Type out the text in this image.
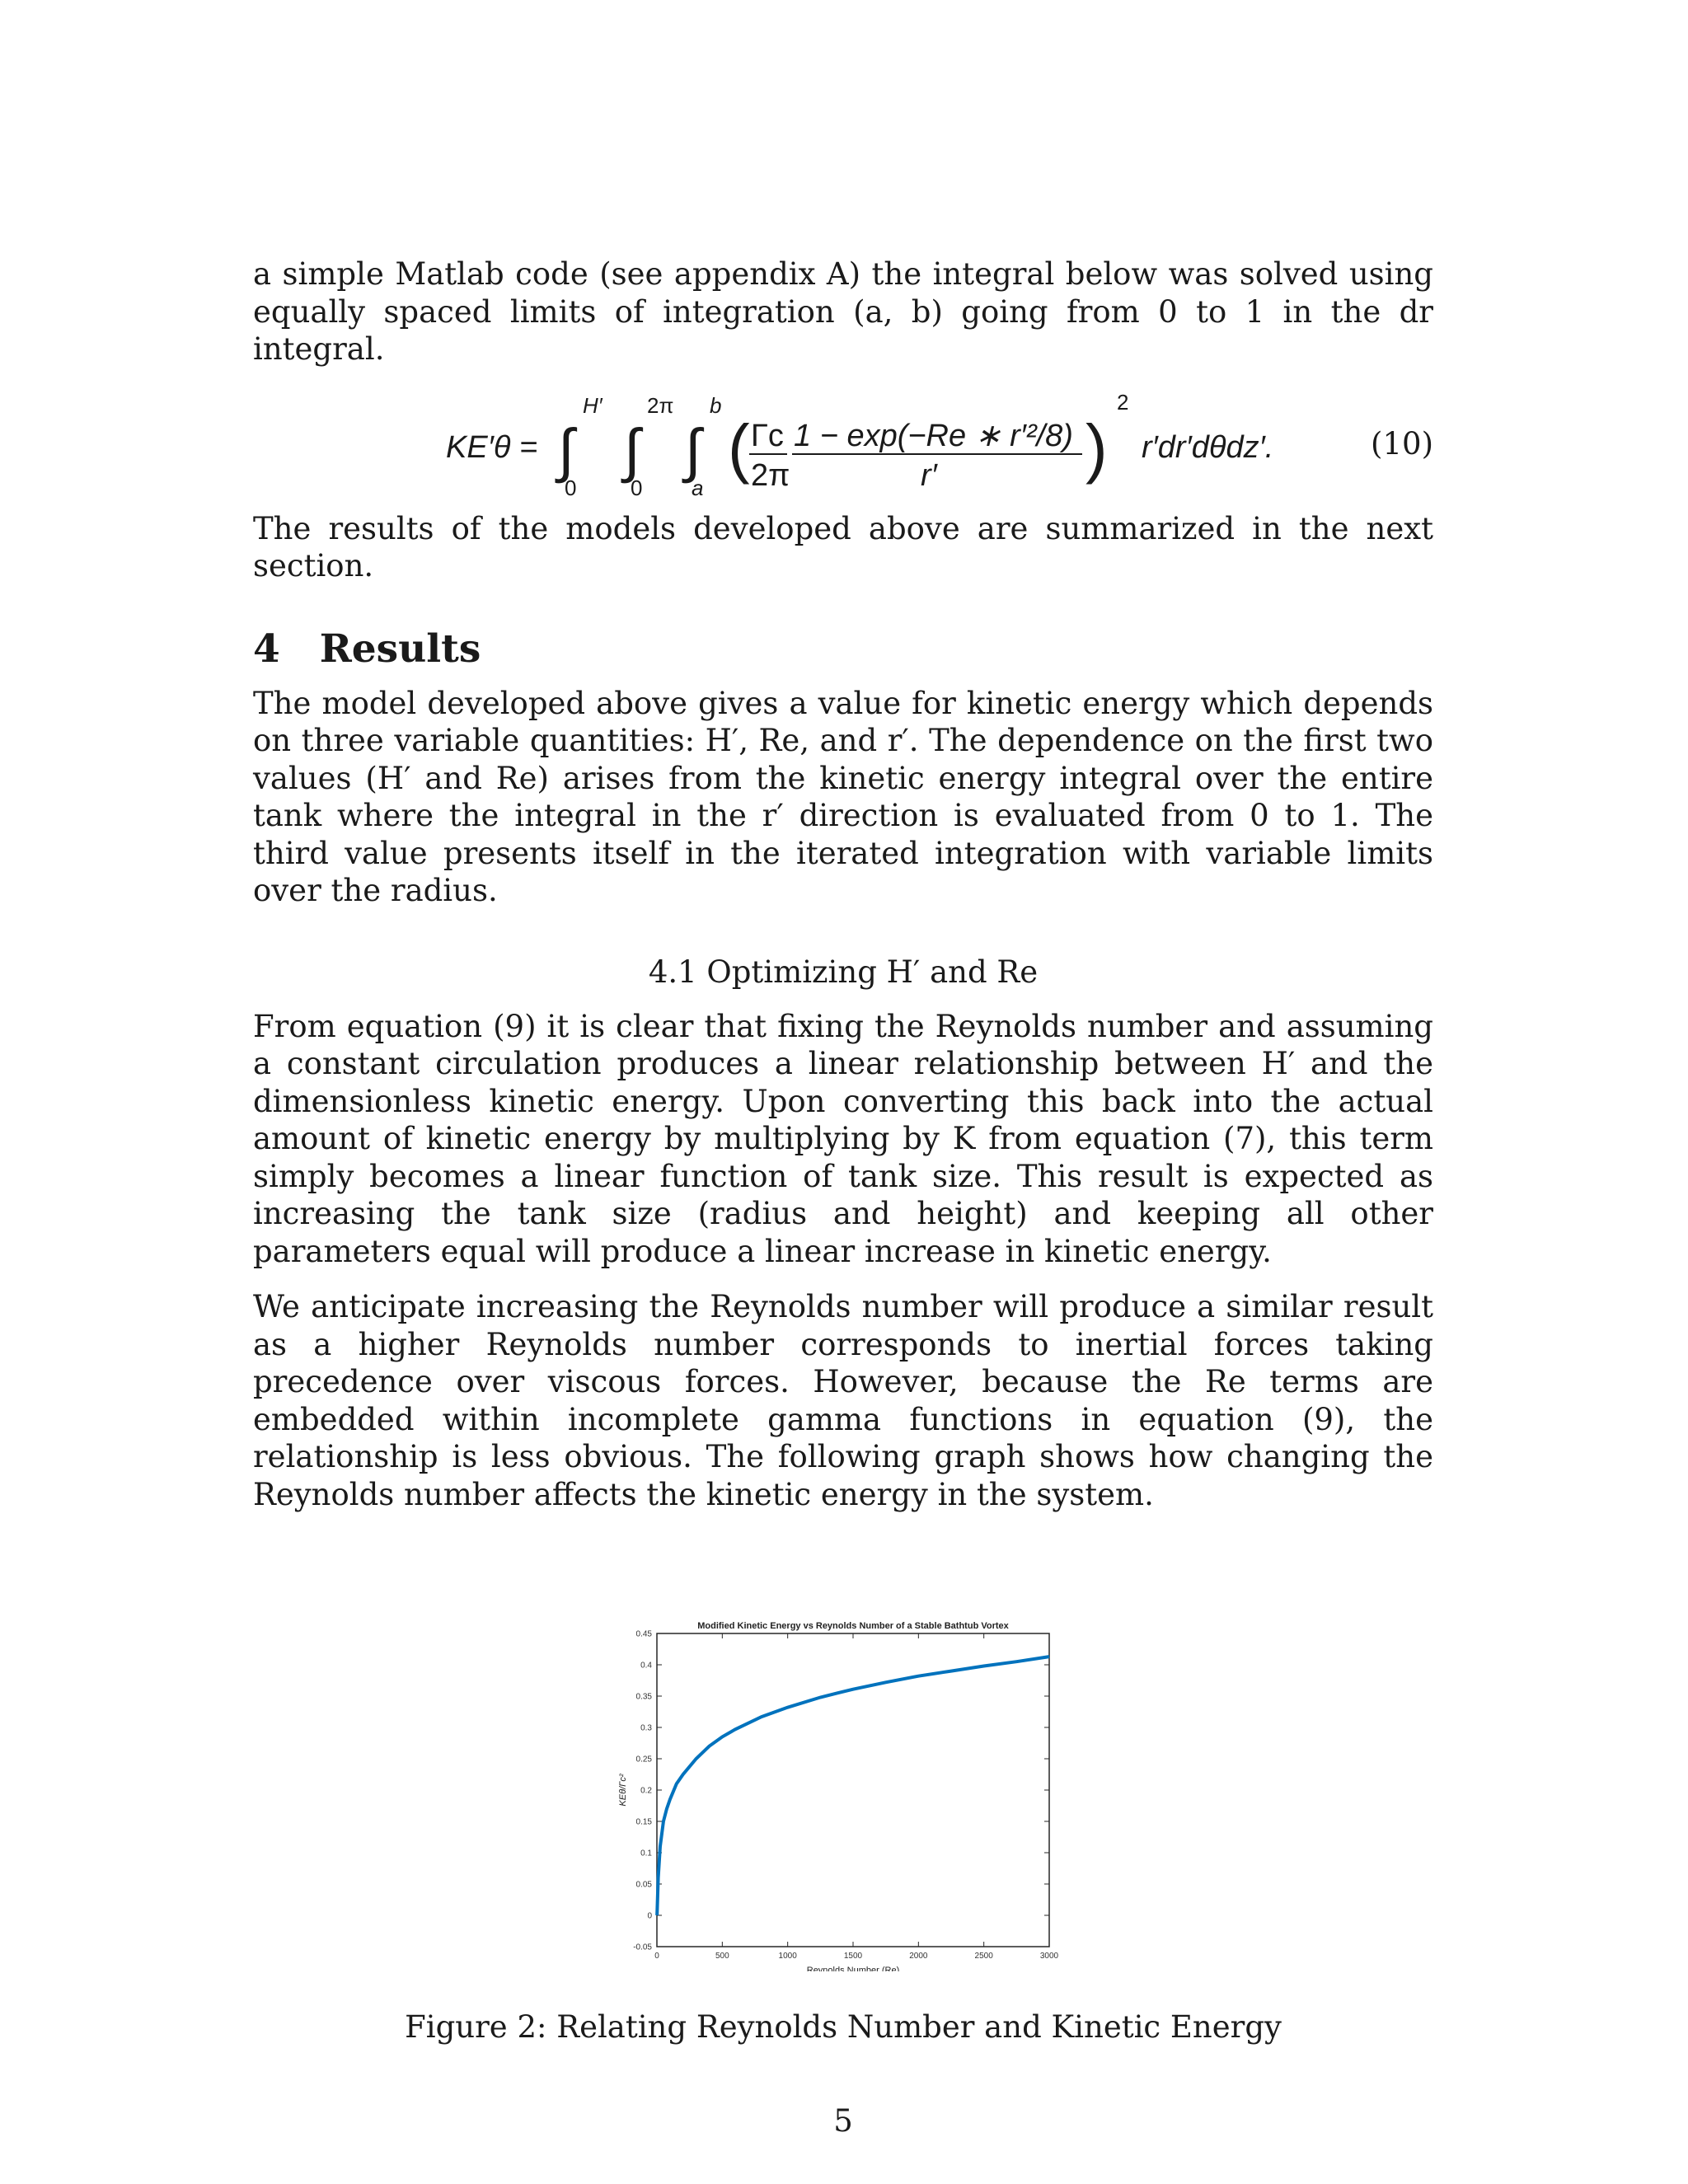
a simple Matlab code (see appendix A) the integral below was solved using equally spaced limits of integration (a, b) going from 0 to 1 in the dr integral.

KE′θ = ∫
H′
0
∫
2π
0
∫
b
a
( Γc
2π
1 − exp(−Re ∗ r′²/8)
r′ )
2
r′dr′dθdz′.	(10)

The results of the models developed above are summarized in the next section.

4 Results

The model developed above gives a value for kinetic energy which depends on three variable quantities: H′, Re, and r′. The dependence on the first two values (H′ and Re) arises from the kinetic energy integral over the entire tank where the integral in the r′ direction is evaluated from 0 to 1. The third value presents itself in the iterated integration with variable limits over the radius.

4.1 Optimizing H′ and Re

From equation (9) it is clear that fixing the Reynolds number and assuming a constant circulation produces a linear relationship between H′ and the dimensionless kinetic energy. Upon converting this back into the actual amount of kinetic energy by multiplying by K from equation (7), this term simply becomes a linear function of tank size. This result is expected as increasing the tank size (radius and height) and keeping all other parameters equal will produce a linear increase in kinetic energy.

We anticipate increasing the Reynolds number will produce a similar result as a higher Reynolds number corresponds to inertial forces taking precedence over viscous forces. However, because the Re terms are embedded within incomplete gamma functions in equation (9), the relationship is less obvious. The following graph shows how changing the Reynolds number affects the kinetic energy in the system.

Modified Kinetic Energy vs Reynolds Number of a Stable Bathtub Vortex
-0.05
0
0.05
0.1
0.15
0.2
0.25
0.3
0.35
0.4
0.45
0	500	1000	1500	2000	2500	3000
Reynolds Number (Re)
KEθ/Γc²
Figure 2: Relating Reynolds Number and Kinetic Energy
5
